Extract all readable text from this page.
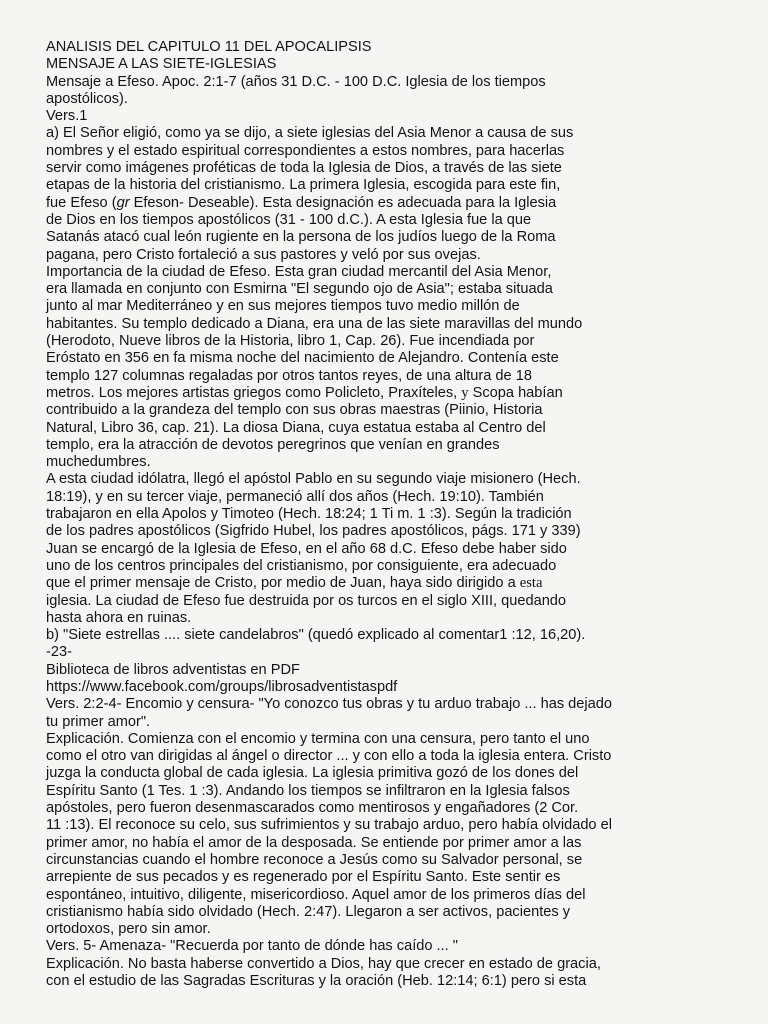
ANALISIS DEL CAPITULO 11 DEL APOCALIPSIS
MENSAJE A LAS SIETE-IGLESIAS
Mensaje a Efeso. Apoc. 2:1-7 (años 31 D.C. - 100 D.C. Iglesia de los tiempos
apostólicos).
Vers.1
a) El Señor eligió, como ya se dijo, a siete iglesias del Asia Menor a causa de sus
nombres y el estado espiritual correspondientes a estos nombres, para hacerlas
servir como imágenes proféticas de toda la Iglesia de Dios, a través de las siete
etapas de la historia del cristianismo. La primera Iglesia, escogida para este fin,
fue Efeso (gr Efeson- Deseable). Esta designación es adecuada para la Iglesia
de Dios en los tiempos apostólicos (31 - 100 d.C.). A esta Iglesia fue la que
Satanás atacó cual león rugiente en la persona de los judíos luego de la Roma
pagana, pero Cristo fortaleció a sus pastores y veló por sus ovejas.
Importancia de la ciudad de Efeso. Esta gran ciudad mercantil del Asia Menor,
era llamada en conjunto con Esmirna "El segundo ojo de Asia"; estaba situada
junto al mar Mediterráneo y en sus mejores tiempos tuvo medio millón de
habitantes. Su templo dedicado a Diana, era una de las siete maravillas del mundo
(Herodoto, Nueve libros de la Historia, libro 1, Cap. 26). Fue incendiada por
Eróstato en 356 en fa misma noche del nacimiento de Alejandro. Contenía este
templo 127 columnas regaladas por otros tantos reyes, de una altura de 18
metros. Los mejores artistas griegos como Policleto, Praxíteles, y Scopa habían
contribuido a la grandeza del templo con sus obras maestras (Piinio, Historia
Natural, Libro 36, cap. 21). La diosa Diana, cuya estatua estaba al Centro del
templo, era la atracción de devotos peregrinos que venían en grandes
muchedumbres.
A esta ciudad idólatra, llegó el apóstol Pablo en su segundo viaje misionero (Hech.
18:19), y en su tercer viaje, permaneció allí dos años (Hech. 19:10). También
trabajaron en ella Apolos y Timoteo (Hech. 18:24; 1 Ti m. 1 :3). Según la tradición
de los padres apostólicos (Sigfrido Hubel, los padres apostólicos, págs. 171 y 339)
Juan se encargó de la Iglesia de Efeso, en el año 68 d.C. Efeso debe haber sido
uno de los centros principales del cristianismo, por consiguiente, era adecuado
que el primer mensaje de Cristo, por medio de Juan, haya sido dirigido a esta
iglesia. La ciudad de Efeso fue destruida por os turcos en el siglo XIII, quedando
hasta ahora en ruinas.
b) "Siete estrellas .... siete candelabros" (quedó explicado al comentar1 :12, 16,20).
-23-
Biblioteca de libros adventistas en PDF
https://www.facebook.com/groups/librosadventistaspdf
Vers. 2:2-4- Encomio y censura- "Yo conozco tus obras y tu arduo trabajo ... has dejado
tu primer amor".
Explicación. Comienza con el encomio y termina con una censura, pero tanto el uno
como el otro van dirigidas al ángel o director ... y con ello a toda la iglesia entera. Cristo
juzga la conducta global de cada iglesia. La iglesia primitiva gozó de los dones del
Espíritu Santo (1 Tes. 1 :3). Andando los tiempos se infiltraron en la Iglesia falsos
apóstoles, pero fueron desenmascarados como mentirosos y engañadores (2 Cor.
11 :13). El reconoce su celo, sus sufrimientos y su trabajo arduo, pero había olvidado el
primer amor, no había el amor de la desposada. Se entiende por primer amor a las
circunstancias cuando el hombre reconoce a Jesús como su Salvador personal, se
arrepiente de sus pecados y es regenerado por el Espíritu Santo. Este sentir es
espontáneo, intuitivo, diligente, misericordioso. Aquel amor de los primeros días del
cristianismo había sido olvidado (Hech. 2:47). Llegaron a ser activos, pacientes y
ortodoxos, pero sin amor.
Vers. 5- Amenaza- "Recuerda por tanto de dónde has caído ... "
Explicación. No basta haberse convertido a Dios, hay que crecer en estado de gracia,
con el estudio de las Sagradas Escrituras y la oración (Heb. 12:14; 6:1) pero si esta
